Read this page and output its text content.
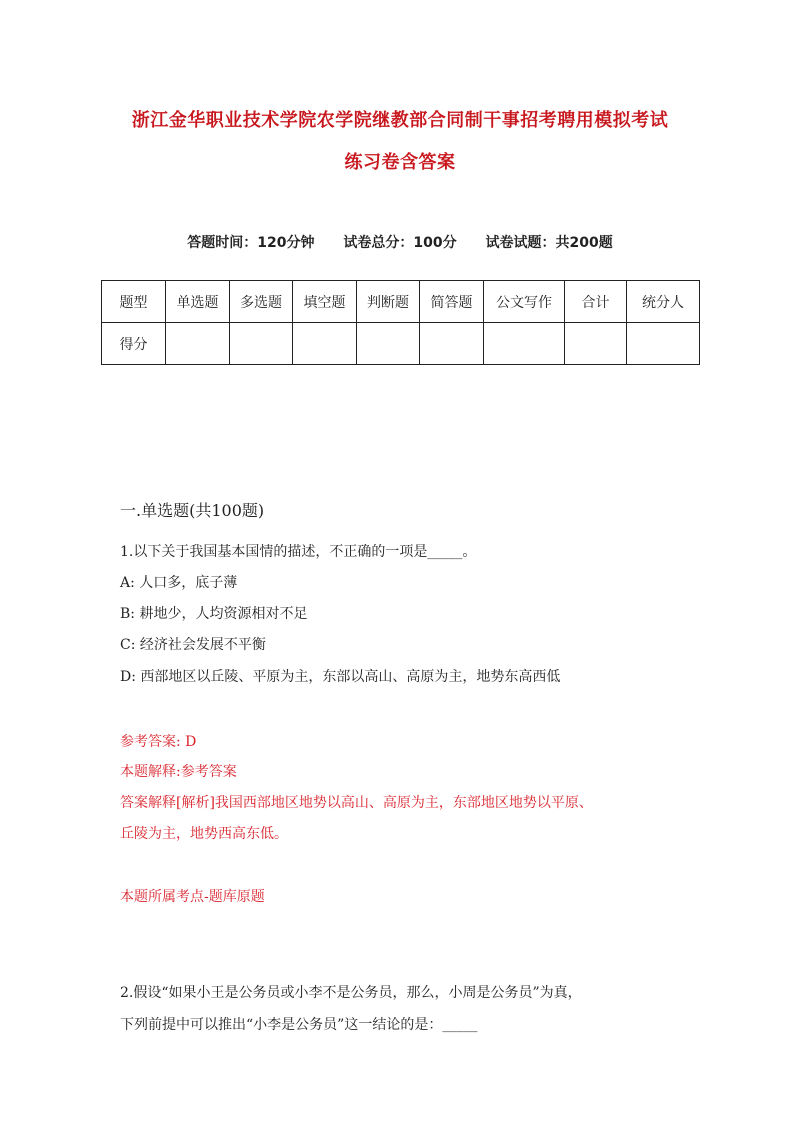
浙江金华职业技术学院农学院继教部合同制干事招考聘用模拟考试
练习卷含答案
答题时间：120分钟 试卷总分：100分 试卷试题：共200题
题型	单选题	多选题	填空题	判断题	简答题	公文写作	合计	统分人
得分								
一.单选题(共100题)
1.以下关于我国基本国情的描述，不正确的一项是_____。
A: 人口多，底子薄
B: 耕地少，人均资源相对不足
C: 经济社会发展不平衡
D: 西部地区以丘陵、平原为主，东部以高山、高原为主，地势东高西低
参考答案: D
本题解释:参考答案
答案解释[解析]我国西部地区地势以高山、高原为主，东部地区地势以平原、
丘陵为主，地势西高东低。
本题所属考点-题库原题
2.假设“如果小王是公务员或小李不是公务员，那么，小周是公务员”为真，
下列前提中可以推出“小李是公务员”这一结论的是：_____
